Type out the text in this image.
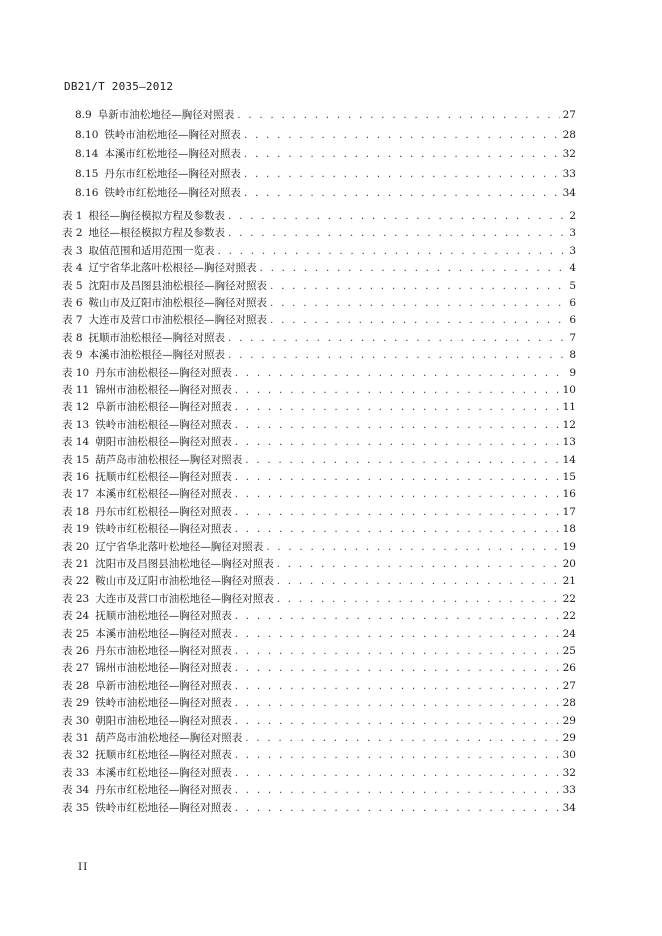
DB21/T 2035—2012
8.9 阜新市油松地径—胸径对照表 . . .	27
8.10 铁岭市油松地径—胸径对照表 . . .	28
8.14 本溪市红松地径—胸径对照表 . . .	32
8.15 丹东市红松地径—胸径对照表 . . .	33
8.16 铁岭市红松地径—胸径对照表 . . .	34
表 1 根径—胸径模拟方程及参数表 . . .	2
表 2 地径—根径模拟方程及参数表 . . .	3
表 3 取值范围和适用范围一览表 . . .	3
表 4 辽宁省华北落叶松根径—胸径对照表 . . .	4
表 5 沈阳市及昌图县油松根径—胸径对照表 . . .	5
表 6 鞍山市及辽阳市油松根径—胸径对照表 . . .	6
表 7 大连市及营口市油松根径—胸径对照表 . . .	6
表 8 抚顺市油松根径—胸径对照表 . . .	7
表 9 本溪市油松根径—胸径对照表 . . .	8
表 10 丹东市油松根径—胸径对照表 . . .	9
表 11 锦州市油松根径—胸径对照表 . . .	10
表 12 阜新市油松根径—胸径对照表 . . .	11
表 13 铁岭市油松根径—胸径对照表 . . .	12
表 14 朝阳市油松根径—胸径对照表 . . .	13
表 15 葫芦岛市油松根径—胸径对照表 . . .	14
表 16 抚顺市红松根径—胸径对照表 . . .	15
表 17 本溪市红松根径—胸径对照表 . . .	16
表 18 丹东市红松根径—胸径对照表 . . .	17
表 19 铁岭市红松根径—胸径对照表 . . .	18
表 20 辽宁省华北落叶松地径—胸径对照表 . . .	19
表 21 沈阳市及昌图县油松地径—胸径对照表 . . .	20
表 22 鞍山市及辽阳市油松地径—胸径对照表 . . .	21
表 23 大连市及营口市油松地径—胸径对照表 . . .	22
表 24 抚顺市油松地径—胸径对照表 . . .	22
表 25 本溪市油松地径—胸径对照表 . . .	24
表 26 丹东市油松地径—胸径对照表 . . .	25
表 27 锦州市油松地径—胸径对照表 . . .	26
表 28 阜新市油松地径—胸径对照表 . . .	27
表 29 铁岭市油松地径—胸径对照表 . . .	28
表 30 朝阳市油松地径—胸径对照表 . . .	29
表 31 葫芦岛市油松地径—胸径对照表 . . .	29
表 32 抚顺市红松地径—胸径对照表 . . .	30
表 33 本溪市红松地径—胸径对照表 . . .	32
表 34 丹东市红松地径—胸径对照表 . . .	33
表 35 铁岭市红松地径—胸径对照表 . . .	34
II
